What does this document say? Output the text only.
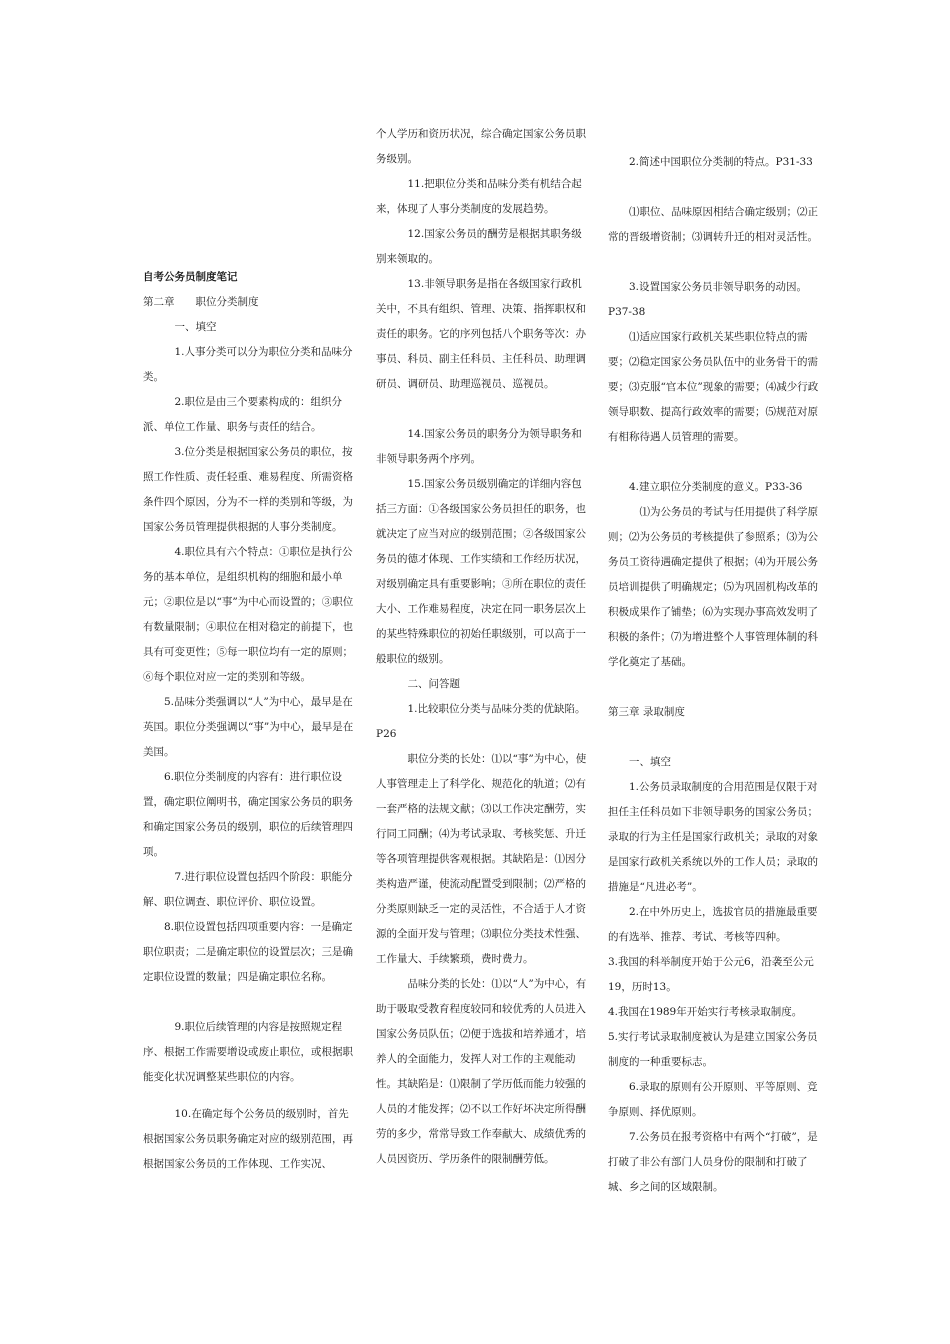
自考公务员制度笔记

第二章　　职位分类制度

一、填空

1.人事分类可以分为职位分类和品味分类。

2.职位是由三个要素构成的：组织分派、单位工作量、职务与责任的结合。

3.位分类是根据国家公务员的职位，按照工作性质、责任轻重、难易程度、所需资格条件四个原因，分为不一样的类别和等级，为国家公务员管理提供根据的人事分类制度。

4.职位具有六个特点：①职位是执行公务的基本单位，是组织机构的细胞和最小单元；②职位是以“事”为中心而设置的；③职位有数量限制；④职位在相对稳定的前提下，也具有可变更性；⑤每一职位均有一定的原则；⑥每个职位对应一定的类别和等级。

5.品味分类强调以“人”为中心，最早是在英国。职位分类强调以“事”为中心，最早是在美国。

6.职位分类制度的内容有：进行职位设置，确定职位阐明书，确定国家公务员的职务和确定国家公务员的级别，职位的后续管理四项。

7.进行职位设置包括四个阶段：职能分解、职位调查、职位评价、职位设置。

8.职位设置包括四项重要内容：一是确定职位职责；二是确定职位的设置层次；三是确定职位设置的数量；四是确定职位名称。

9.职位后续管理的内容是按照规定程序、根据工作需要增设或废止职位，或根据职能变化状况调整某些职位的内容。

10.在确定每个公务员的级别时，首先根据国家公务员职务确定对应的级别范围，再根据国家公务员的工作体现、工作实况、

个人学历和资历状况，综合确定国家公务员职务级别。

11.把职位分类和品味分类有机结合起来，体现了人事分类制度的发展趋势。

12.国家公务员的酬劳是根据其职务级别来领取的。

13.非领导职务是指在各级国家行政机关中，不具有组织、管理、决策、指挥职权和责任的职务。它的序列包括八个职务等次：办事员、科员、副主任科员、主任科员、助理调研员、调研员、助理巡视员、巡视员。

14.国家公务员的职务分为领导职务和非领导职务两个序列。

15.国家公务员级别确定的详细内容包括三方面：①各级国家公务员担任的职务，也就决定了应当对应的级别范围；②各级国家公务员的德才体现、工作实绩和工作经历状况，对级别确定具有重要影响；③所在职位的责任大小、工作难易程度，决定在同一职务层次上的某些特殊职位的初始任职级别，可以高于一般职位的级别。

二、问答题

1.比较职位分类与品味分类的优缺陷。P26

职位分类的长处：⑴以“事”为中心，使人事管理走上了科学化、规范化的轨道；⑵有一套严格的法规文献；⑶以工作决定酬劳，实行同工同酬；⑷为考试录取、考核奖惩、升迁等各项管理提供客观根据。其缺陷是：⑴因分类构造严谨，使流动配置受到限制；⑵严格的分类原则缺乏一定的灵活性，不合适于人才资源的全面开发与管理；⑶职位分类技术性强、工作量大、手续繁琐，费时费力。

品味分类的长处：⑴以“人”为中心，有助于吸取受教育程度较同和较优秀的人员进入国家公务员队伍；⑵便于选拔和培养通才，培养人的全面能力，发挥人对工作的主观能动性。其缺陷是：⑴限制了学历低而能力较强的人员的才能发挥；⑵不以工作好坏决定所得酬劳的多少，常常导致工作奉献大、成绩优秀的人员因资历、学历条件的限制酬劳低。

2.简述中国职位分类制的特点。P31-33

⑴职位、品味原因相结合确定级别；⑵正常的晋级增资制；⑶调转升迁的相对灵活性。

3.设置国家公务员非领导职务的动因。P37-38

⑴适应国家行政机关某些职位特点的需要；⑵稳定国家公务员队伍中的业务骨干的需要；⑶克服“官本位”现象的需要；⑷减少行政领导职数、提高行政效率的需要；⑸规范对原有相称待遇人员管理的需要。

4.建立职位分类制度的意义。P33-36

⑴为公务员的考试与任用提供了科学原则；⑵为公务员的考核提供了参照系；⑶为公务员工资待遇确定提供了根据；⑷为开展公务员培训提供了明确规定；⑸为巩固机构改革的积极成果作了铺垫；⑹为实现办事高效发明了积极的条件；⑺为增进整个人事管理体制的科学化奠定了基础。

第三章 录取制度

一、填空

1.公务员录取制度的合用范围是仅限于对担任主任科员如下非领导职务的国家公务员；录取的行为主任是国家行政机关；录取的对象是国家行政机关系统以外的工作人员；录取的措施是“凡进必考”。

2.在中外历史上，选拔官员的措施最重要的有选举、推荐、考试、考核等四种。

3.我国的科举制度开始于公元6，沿袭至公元19，历时13。

4.我国在1989年开始实行考核录取制度。

5.实行考试录取制度被认为是建立国家公务员制度的一种重要标志。

6.录取的原则有公开原则、平等原则、竞争原则、择优原则。

7.公务员在报考资格中有两个“打破”，是打破了非公有部门人员身份的限制和打破了城、乡之间的区域限制。
